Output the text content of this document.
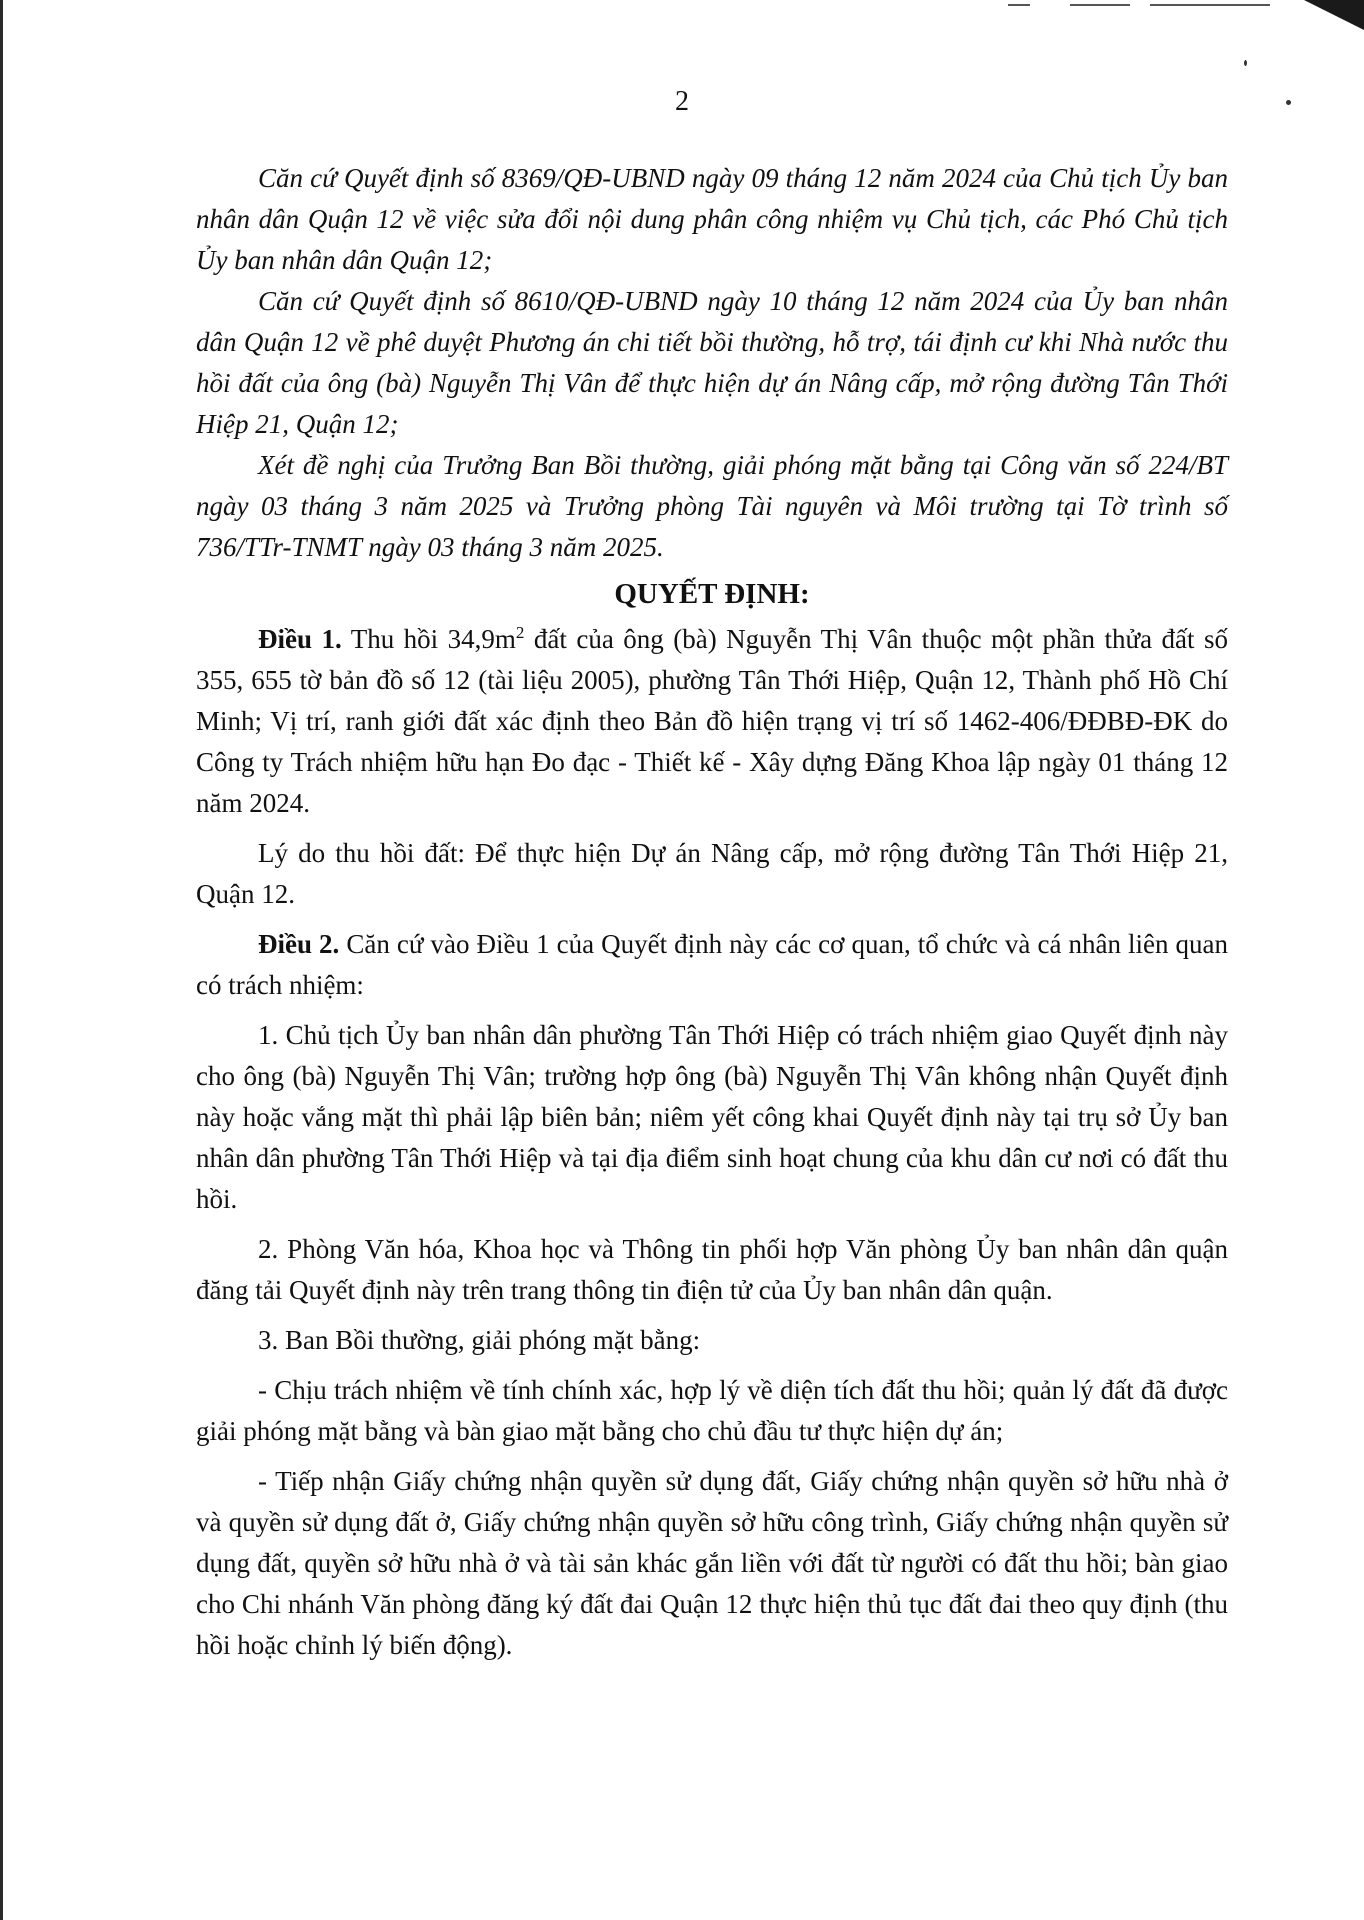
2

Căn cứ Quyết định số 8369/QĐ-UBND ngày 09 tháng 12 năm 2024 của Chủ tịch Ủy ban nhân dân Quận 12 về việc sửa đổi nội dung phân công nhiệm vụ Chủ tịch, các Phó Chủ tịch Ủy ban nhân dân Quận 12;

Căn cứ Quyết định số 8610/QĐ-UBND ngày 10 tháng 12 năm 2024 của Ủy ban nhân dân Quận 12 về phê duyệt Phương án chi tiết bồi thường, hỗ trợ, tái định cư khi Nhà nước thu hồi đất của ông (bà) Nguyễn Thị Vân để thực hiện dự án Nâng cấp, mở rộng đường Tân Thới Hiệp 21, Quận 12;

Xét đề nghị của Trưởng Ban Bồi thường, giải phóng mặt bằng tại Công văn số 224/BT ngày 03 tháng 3 năm 2025 và Trưởng phòng Tài nguyên và Môi trường tại Tờ trình số 736/TTr-TNMT ngày 03 tháng 3 năm 2025.

QUYẾT ĐỊNH:

Điều 1. Thu hồi $34,9m^2$ đất của ông (bà) Nguyễn Thị Vân thuộc một phần thửa đất số 355, 655 tờ bản đồ số 12 (tài liệu 2005), phường Tân Thới Hiệp, Quận 12, Thành phố Hồ Chí Minh; Vị trí, ranh giới đất xác định theo Bản đồ hiện trạng vị trí số 1462-406/ĐĐBĐ-ĐK do Công ty Trách nhiệm hữu hạn Đo đạc - Thiết kế - Xây dựng Đăng Khoa lập ngày 01 tháng 12 năm 2024.

Lý do thu hồi đất: Để thực hiện Dự án Nâng cấp, mở rộng đường Tân Thới Hiệp 21, Quận 12.

Điều 2. Căn cứ vào Điều 1 của Quyết định này các cơ quan, tổ chức và cá nhân liên quan có trách nhiệm:

1. Chủ tịch Ủy ban nhân dân phường Tân Thới Hiệp có trách nhiệm giao Quyết định này cho ông (bà) Nguyễn Thị Vân; trường hợp ông (bà) Nguyễn Thị Vân không nhận Quyết định này hoặc vắng mặt thì phải lập biên bản; niêm yết công khai Quyết định này tại trụ sở Ủy ban nhân dân phường Tân Thới Hiệp và tại địa điểm sinh hoạt chung của khu dân cư nơi có đất thu hồi.

2. Phòng Văn hóa, Khoa học và Thông tin phối hợp Văn phòng Ủy ban nhân dân quận đăng tải Quyết định này trên trang thông tin điện tử của Ủy ban nhân dân quận.

3. Ban Bồi thường, giải phóng mặt bằng:

- Chịu trách nhiệm về tính chính xác, hợp lý về diện tích đất thu hồi; quản lý đất đã được giải phóng mặt bằng và bàn giao mặt bằng cho chủ đầu tư thực hiện dự án;

- Tiếp nhận Giấy chứng nhận quyền sử dụng đất, Giấy chứng nhận quyền sở hữu nhà ở và quyền sử dụng đất ở, Giấy chứng nhận quyền sở hữu công trình, Giấy chứng nhận quyền sử dụng đất, quyền sở hữu nhà ở và tài sản khác gắn liền với đất từ người có đất thu hồi; bàn giao cho Chi nhánh Văn phòng đăng ký đất đai Quận 12 thực hiện thủ tục đất đai theo quy định (thu hồi hoặc chỉnh lý biến động).
